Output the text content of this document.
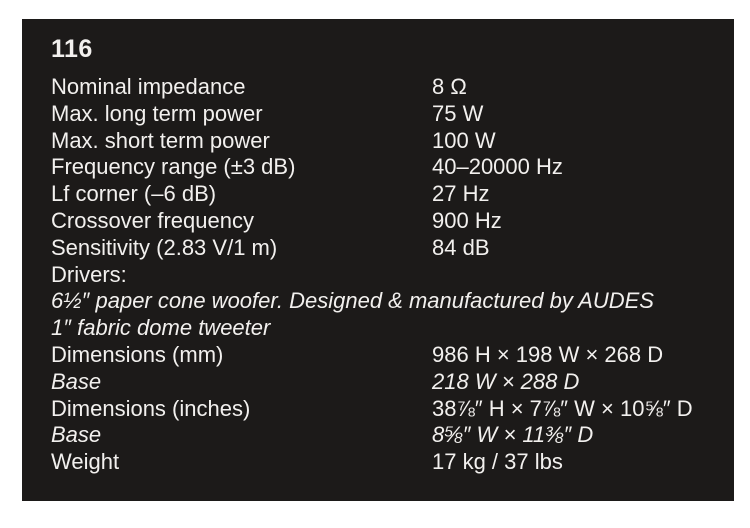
116
Nominal impedance	8 Ω
Max. long term power	75 W
Max. short term power	100 W
Frequency range (±3 dB)	40–20000 Hz
Lf corner (–6 dB)	27 Hz
Crossover frequency	900 Hz
Sensitivity (2.83 V/1 m)	84 dB
Drivers:
6½″ paper cone woofer. Designed & manufactured by AUDES
1″ fabric dome tweeter
Dimensions (mm)	986 H × 198 W × 268 D
Base	218 W × 288 D
Dimensions (inches)	38⅞″ H × 7⅞″ W × 10⅝″ D
Base	8⅝″ W × 11⅜″ D
Weight	17 kg / 37 lbs
